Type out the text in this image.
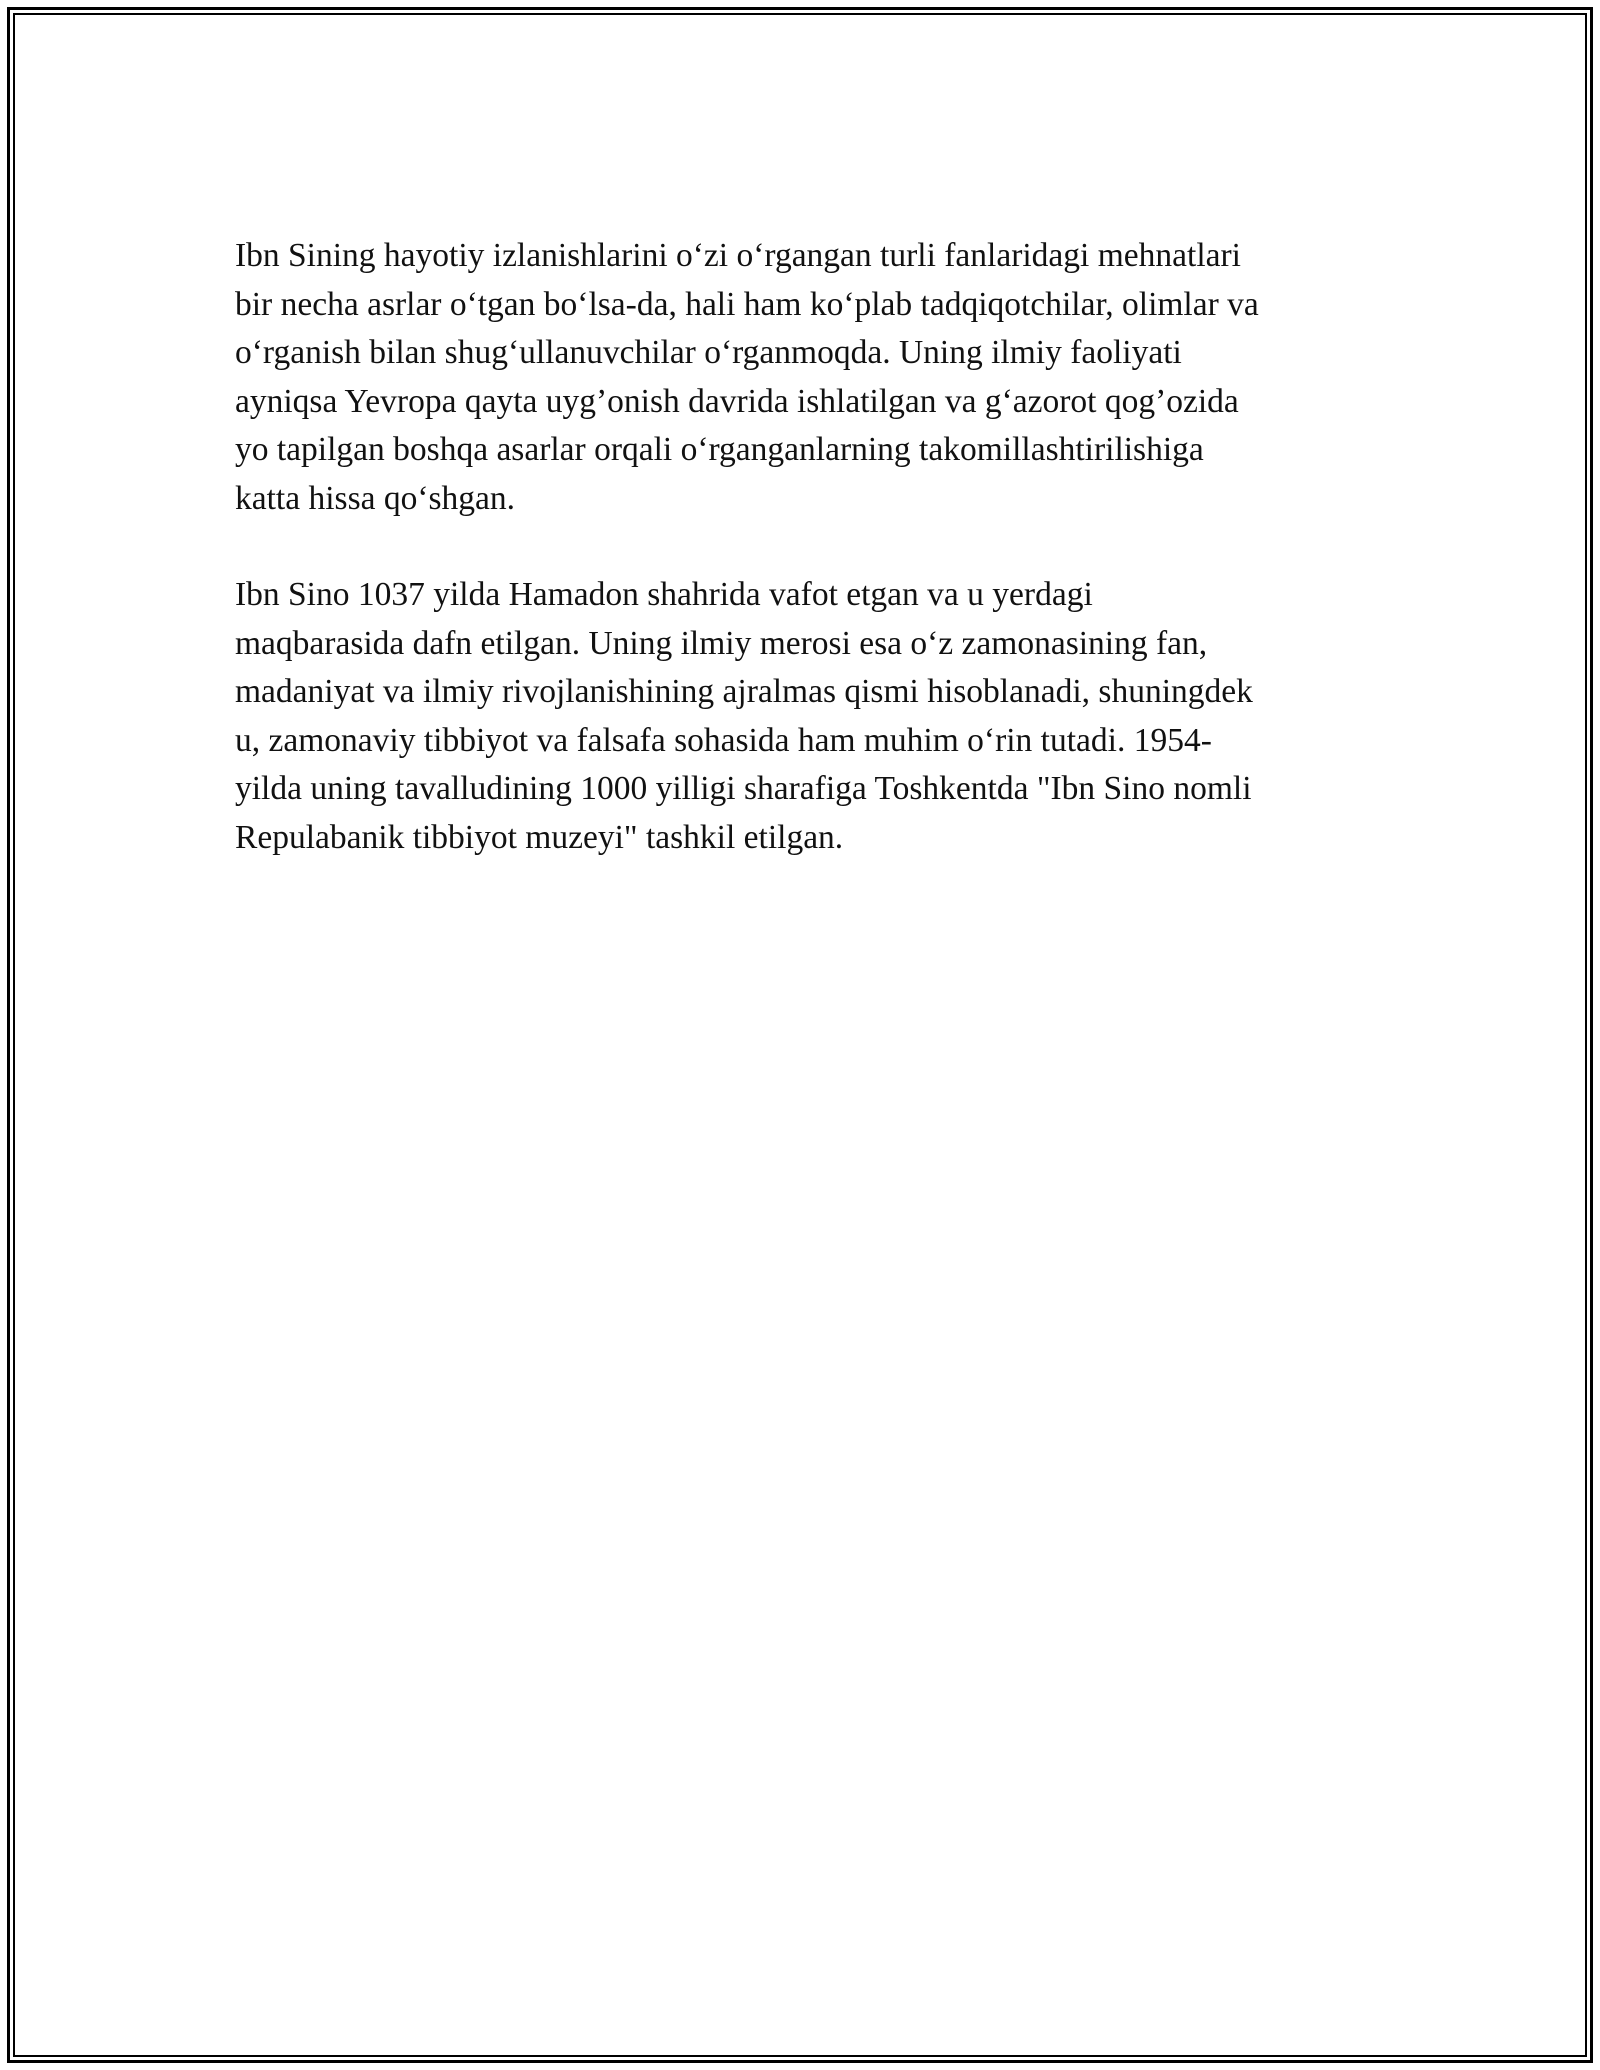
Ibn Sining hayotiy izlanishlarini o‘zi o‘rgangan turli fanlaridagi mehnatlari
bir necha asrlar o‘tgan bo‘lsa-da, hali ham ko‘plab tadqiqotchilar, olimlar va
o‘rganish bilan shug‘ullanuvchilar o‘rganmoqda. Uning ilmiy faoliyati
ayniqsa Yevropa qayta uyg’onish davrida ishlatilgan va g‘azorot qog’ozida
yo tapilgan boshqa asarlar orqali o‘rganganlarning takomillashtirilishiga
katta hissa qo‘shgan.

Ibn Sino 1037 yilda Hamadon shahrida vafot etgan va u yerdagi
maqbarasida dafn etilgan. Uning ilmiy merosi esa o‘z zamonasining fan,
madaniyat va ilmiy rivojlanishining ajralmas qismi hisoblanadi, shuningdek
u, zamonaviy tibbiyot va falsafa sohasida ham muhim o‘rin tutadi. 1954-
yilda uning tavalludining 1000 yilligi sharafiga Toshkentda "Ibn Sino nomli
Repulabanik tibbiyot muzeyi" tashkil etilgan.
